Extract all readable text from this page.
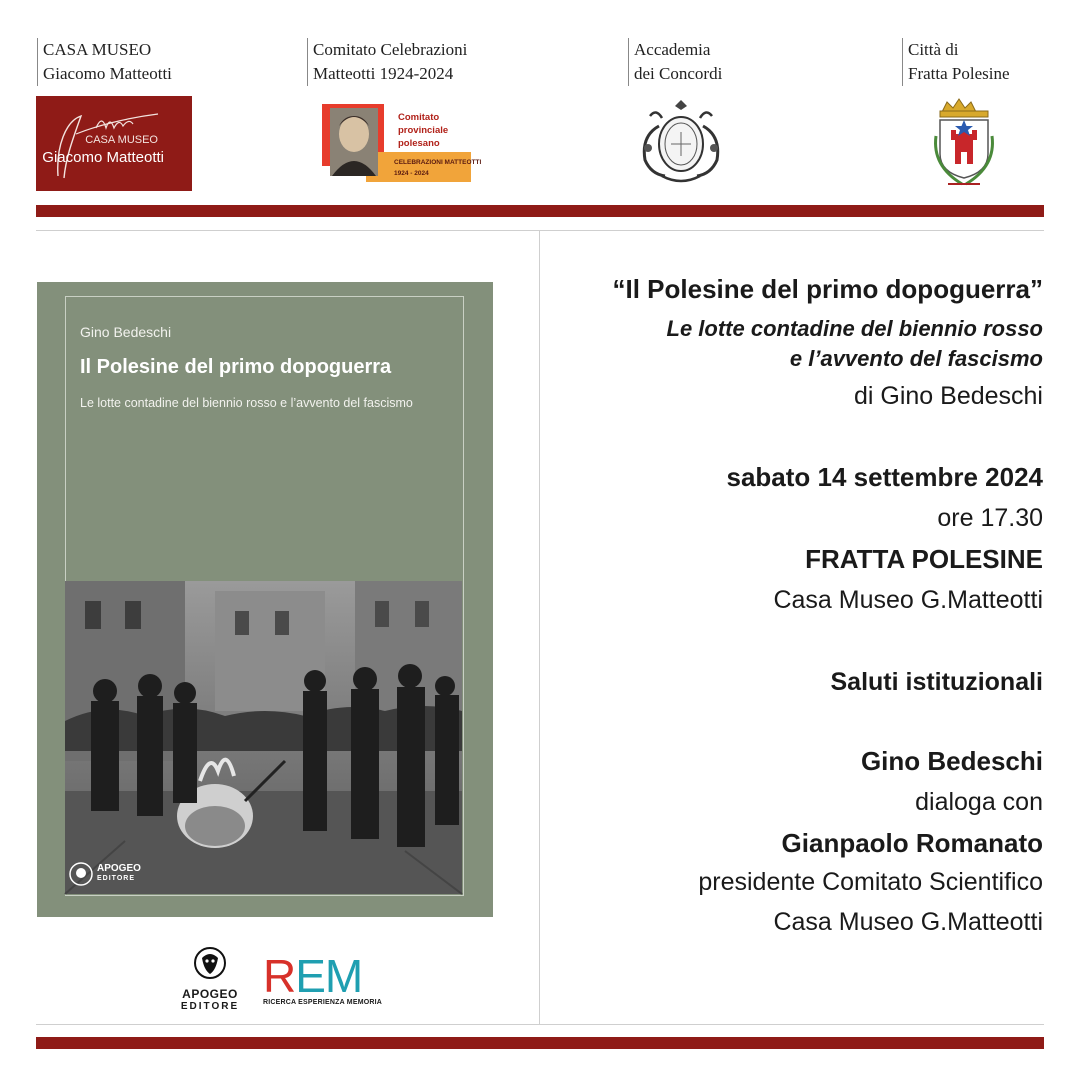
CASA MUSEO
Giacomo Matteotti
Comitato Celebrazioni
Matteotti 1924-2024
Accademia
dei Concordi
Città di
Fratta Polesine
CASA MUSEO
Giacomo Matteotti
Comitato
provinciale
polesano
CELEBRAZIONI MATTEOTTI
1924 - 2024
Gino Bedeschi
Il Polesine del primo dopoguerra
Le lotte contadine del biennio rosso e l’avvento del fascismo
APOGEO
EDITORE
APOGEO
EDITORE
REM
RICERCA ESPERIENZA MEMORIA
“Il Polesine del primo dopoguerra”
Le lotte contadine del biennio rosso
e l’avvento del fascismo
di Gino Bedeschi
sabato 14 settembre 2024
ore 17.30
FRATTA POLESINE
Casa Museo G.Matteotti
Saluti istituzionali
Gino Bedeschi
dialoga con
Gianpaolo Romanato
presidente Comitato Scientifico
Casa Museo G.Matteotti
